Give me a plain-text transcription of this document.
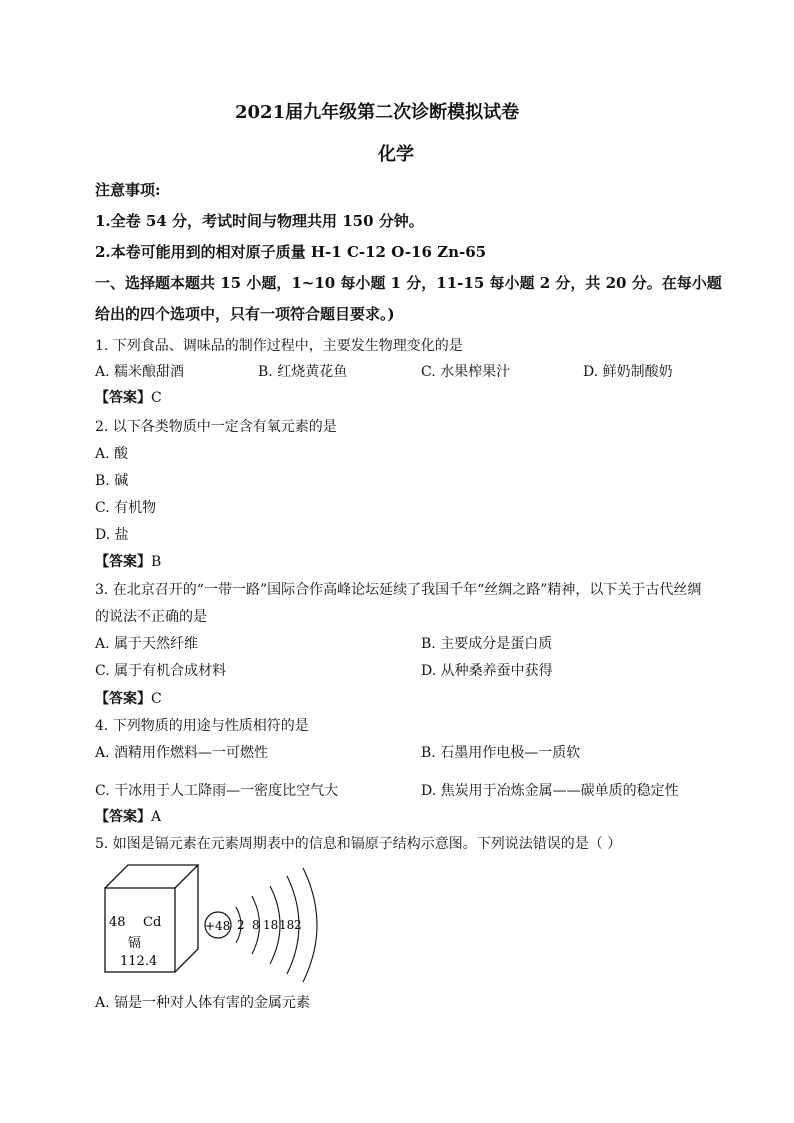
2021届九年级第二次诊断模拟试卷
化学
注意事项:
1.全卷 54 分，考试时间与物理共用 150 分钟。
2.本卷可能用到的相对原子质量 H-1 C-12 O-16 Zn-65
一、选择题本题共 15 小题，1~10 每小题 1 分，11-15 每小题 2 分，共 20 分。在每小题
给出的四个选项中，只有一项符合题目要求。)
1. 下列食品、调味品的制作过程中，主要发生物理变化的是
A. 糯米酿甜酒	B. 红烧黄花鱼	C. 水果榨果汁	D. 鲜奶制酸奶
【答案】C
2. 以下各类物质中一定含有氧元素的是
A. 酸
B. 碱
C. 有机物
D. 盐
【答案】B
3. 在北京召开的“一带一路”国际合作高峰论坛延续了我国千年“丝绸之路”精神，以下关于古代丝绸
的说法不正确的是
A. 属于天然纤维	B. 主要成分是蛋白质
C. 属于有机合成材料	D. 从种桑养蚕中获得
【答案】C
4. 下列物质的用途与性质相符的是
A. 酒精用作燃料—一可燃性	B. 石墨用作电极—一质软
C. 干冰用于人工降雨—一密度比空气大	D. 焦炭用于冶炼金属——碳单质的稳定性
【答案】A
5. 如图是镉元素在元素周期表中的信息和镉原子结构示意图。下列说法错误的是（ ）
48 Cd
镉
112.4
+48 2 8 18 18 2
A. 镉是一种对人体有害的金属元素
